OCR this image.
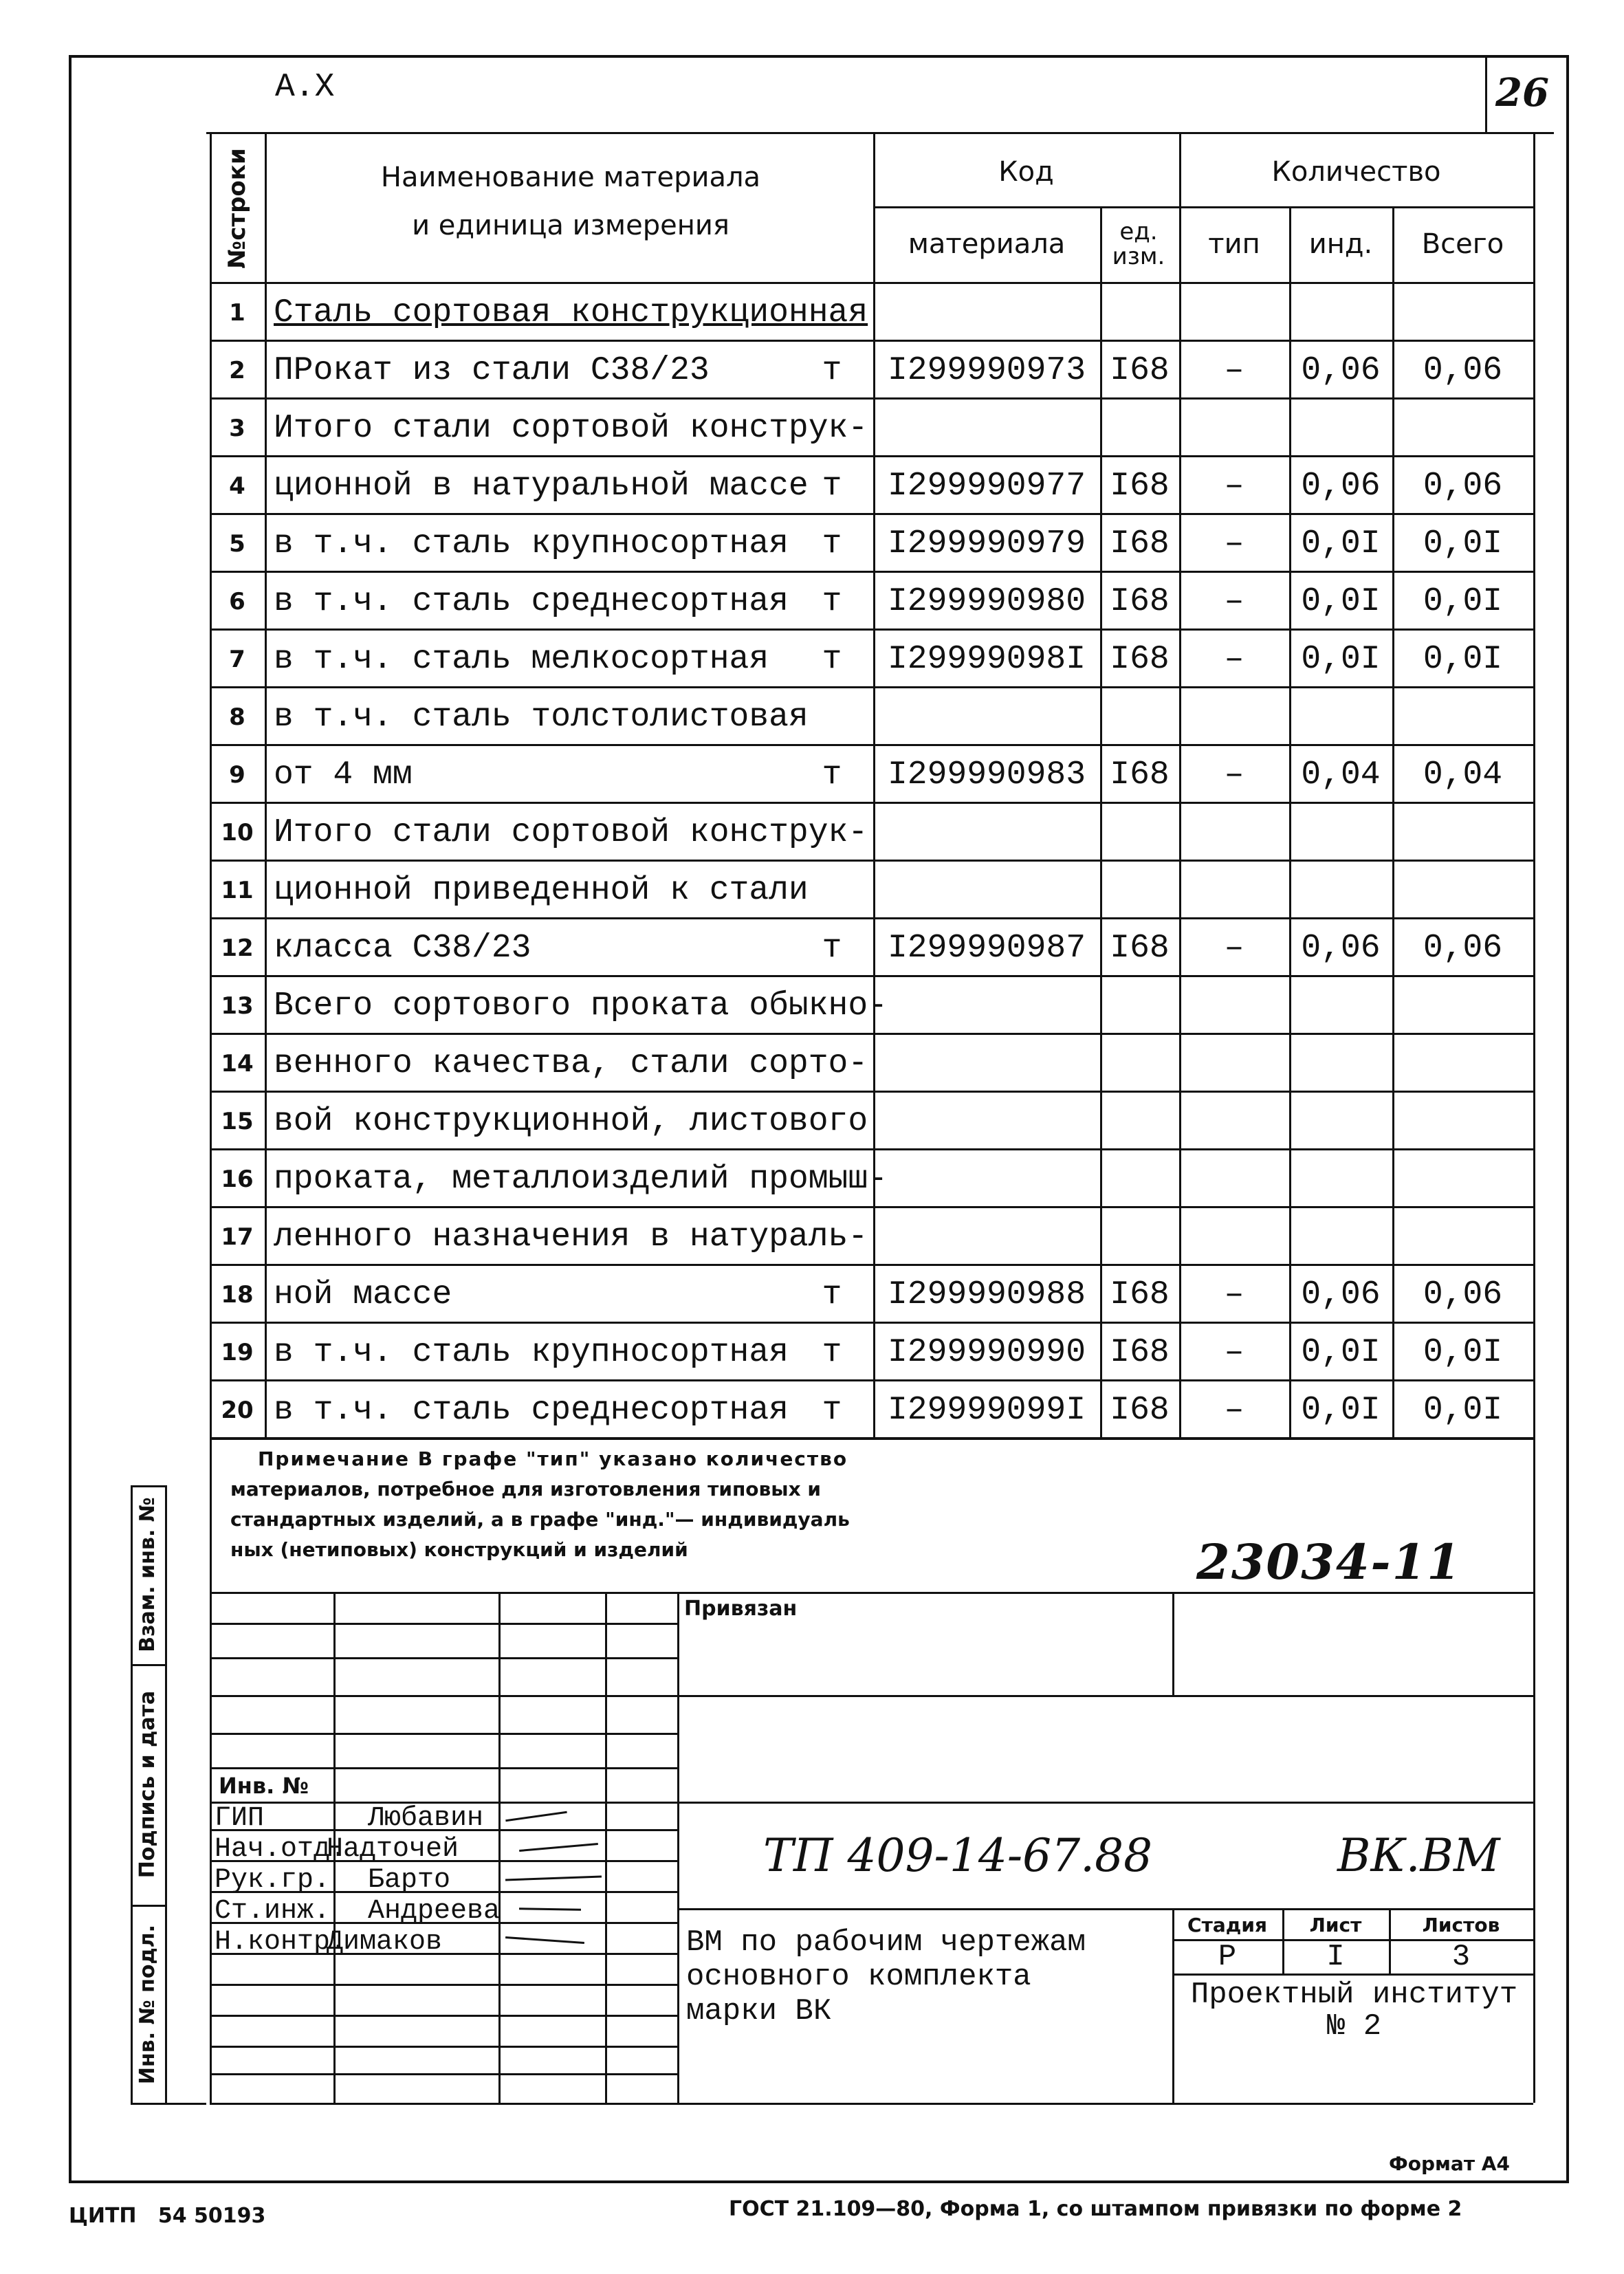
А.Х	26
№строки	Наименование материала
и единица измерения
Код	Количество
материала	ед. изм.	тип	инд.	Всего
1 Сталь сортовая конструкционная
2 ПРокат из стали С38/23	т	I299990973 I68	–	0,06	0,06
3 Итого стали сортовой конструк-
4 ционной в натуральной массе т	I299990977 I68	–	0,06	0,06
5 в т.ч. сталь крупносортная	т	I299990979 I68	–	0,0I	0,0I
6 в т.ч. сталь среднесортная	т	I299990980 I68	–	0,0I	0,0I
7 в т.ч. сталь мелкосортная	т	I29999098I I68	–	0,0I	0,0I
8 в т.ч. сталь толстолистовая
9 от 4 мм	т	I299990983 I68	–	0,04	0,04
10 Итого стали сортовой конструк-
11 ционной приведенной к стали
12 класса С38/23	т	I299990987 I68	–	0,06	0,06
13 Всего сортового проката обыкно-
14 венного качества, стали сорто-
15 вой конструкционной, листового
16 проката, металлоизделий промыш-
17 ленного назначения в натураль-
18 ной массе	т	I299990988 I68	–	0,06	0,06
19 в т.ч. сталь крупносортная	т	I299990990 I68	–	0,0I	0,0I
20 в т.ч. сталь среднесортная	т	I29999099I I68	–	0,0I	0,0I
Примечание В графе "тип" указано количество
материалов, потребное для изготовления типовых и
стандартных изделий, а в графе "инд."— индивидуаль
ных (нетиповых) конструкций и изделий	23034-11
Взам. инв. №
Подпись и дата
Инв. № подл.
Привязан
Инв. №
ГИП	Любавин
Нач.отд.
Надточей
Рук.гр. Барто
Ст.инж. Андреева
Н.контр.
Димаков
ТП 409-14-67.88	ВК.ВМ
ВМ по рабочим чертежам
основного комплекта
марки ВК
Стадия	Лист	Листов
Р	I	3
Проектный институт
№ 2
Формат А4
ЦИТП   54 50193	ГОСТ 21.109—80, Форма 1, со штампом привязки по форме 2
